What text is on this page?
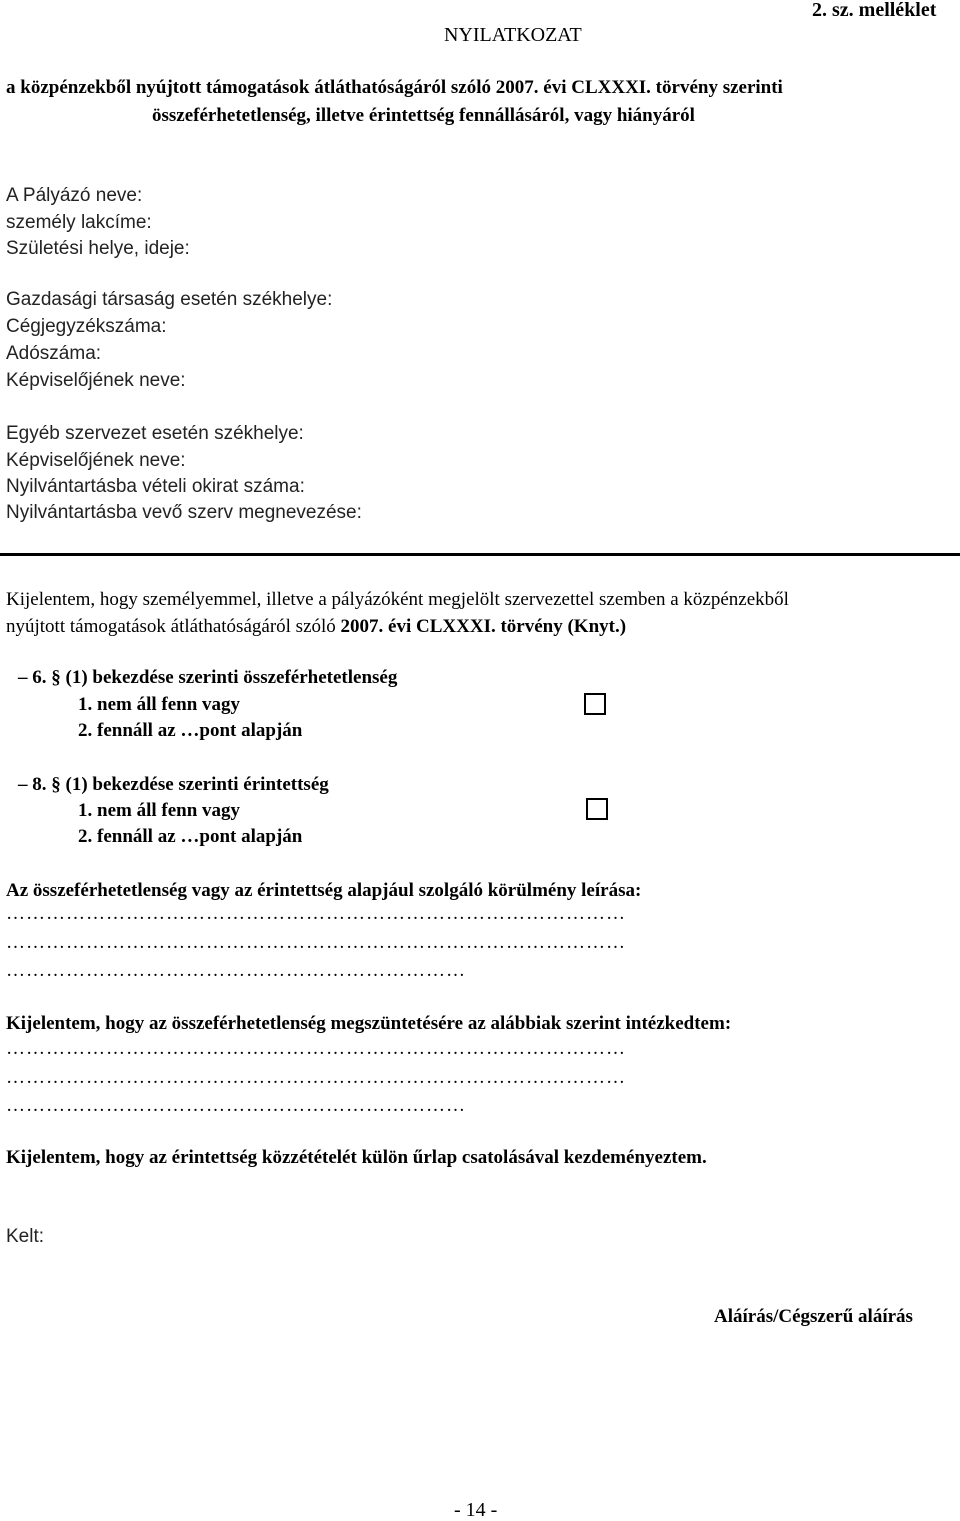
NYILATKOZAT
2. sz. melléklet
a közpénzekből nyújtott támogatások átláthatóságáról szóló 2007. évi CLXXXI. törvény szerinti
összeférhetetlenség, illetve érintettség fennállásáról, vagy hiányáról
A Pályázó neve:
személy lakcíme:
Születési helye, ideje:
Gazdasági társaság esetén székhelye:
Cégjegyzékszáma:
Adószáma:
Képviselőjének neve:
Egyéb szervezet esetén székhelye:
Képviselőjének neve:
Nyilvántartásba vételi okirat száma:
Nyilvántartásba vevő szerv megnevezése:
Kijelentem, hogy személyemmel, illetve a pályázóként megjelölt szervezettel szemben a közpénzekből
nyújtott támogatások átláthatóságáról szóló 2007. évi CLXXXI. törvény (Knyt.)
– 6. § (1) bekezdése szerinti összeférhetetlenség
1. nem áll fenn vagy
2. fennáll az …pont alapján
– 8. § (1) bekezdése szerinti érintettség
1. nem áll fenn vagy
2. fennáll az …pont alapján
Az összeférhetetlenség vagy az érintettség alapjául szolgáló körülmény leírása:
…………………………………………………………………………………
…………………………………………………………………………………
……………………………………………………………
Kijelentem, hogy az összeférhetetlenség megszüntetésére az alábbiak szerint intézkedtem:
…………………………………………………………………………………
…………………………………………………………………………………
……………………………………………………………
Kijelentem, hogy az érintettség közzétételét külön űrlap csatolásával kezdeményeztem.
Kelt:
Aláírás/Cégszerű aláírás
- 14 -
